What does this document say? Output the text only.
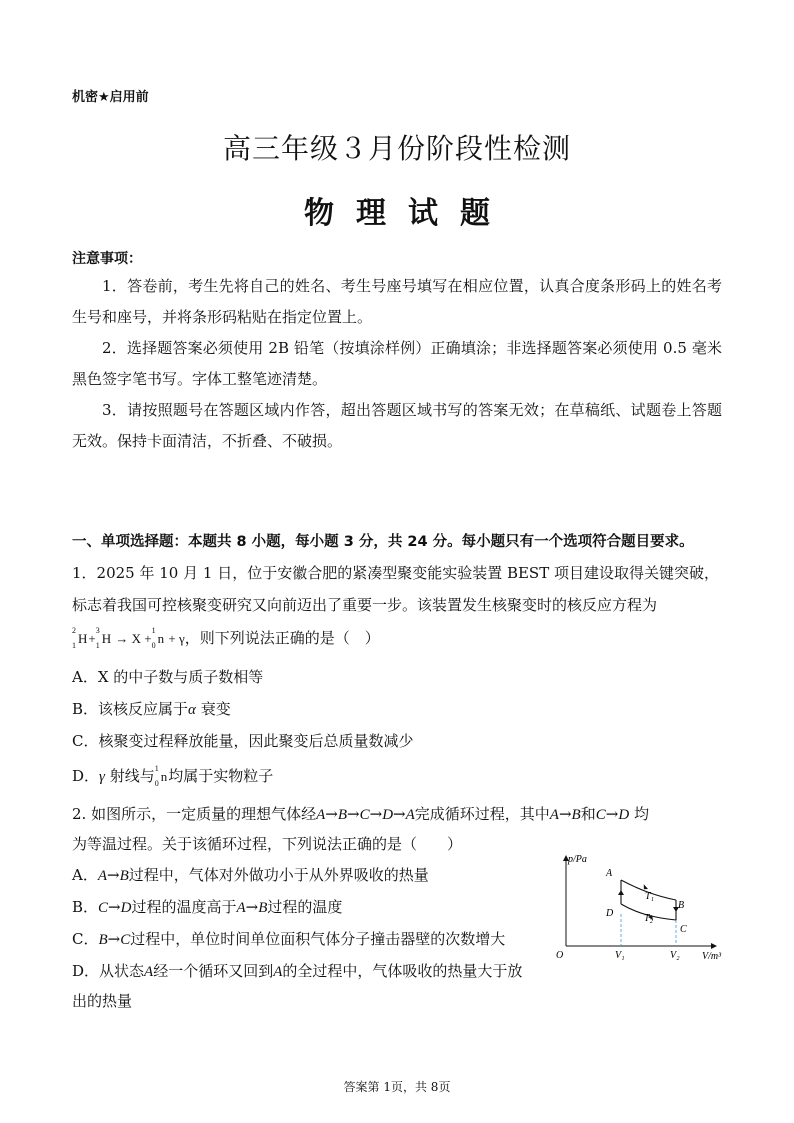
机密★启用前
高三年级３月份阶段性检测
物理试题
注意事项：
1．答卷前，考生先将自己的姓名、考生号座号填写在相应位置，认真合度条形码上的姓名考生号和座号，并将条形码粘贴在指定位置上。
2．选择题答案必须使用 2B 铅笔（按填涂样例）正确填涂；非选择题答案必须使用 0.5 毫米黑色签字笔书写。字体工整笔迹清楚。
3．请按照题号在答题区域内作答，超出答题区域书写的答案无效；在草稿纸、试题卷上答题无效。保持卡面清洁，不折叠、不破损。
一、单项选择题：本题共 8 小题，每小题 3 分，共 24 分。每小题只有一个选项符合题目要求。
1．2025 年 10 月 1 日，位于安徽合肥的紧凑型聚变能实验装置 BEST 项目建设取得关键突破，
标志着我国可控核聚变研究又向前迈出了重要一步。该装置发生核聚变时的核反应方程为
2
1 H+
3
1 H → X +
1
0 n + γ，则下列说法正确的是（　）
A．X 的中子数与质子数相等
B．该核反应属于α 衰变
C．核聚变过程释放能量，因此聚变后总质量数减少
D．γ 射线与 1
0 n均属于实物粒子
2. 如图所示，一定质量的理想气体经A→B→C→D→A完成循环过程，其中A→B和C→D 均
为等温过程。关于该循环过程，下列说法正确的是（　　）
A．A→B过程中，气体对外做功小于从外界吸收的热量
B．C→D过程的温度高于A→B过程的温度
C．B→C过程中，单位时间单位面积气体分子撞击器壁的次数增大
D．从状态A经一个循环又回到A的全过程中，气体吸收的热量大于放
出的热量
p/Pa
V/m³
O
A
B
C
D
T₁
T₂
V₁	V₂
答案第 1页，共 8页
